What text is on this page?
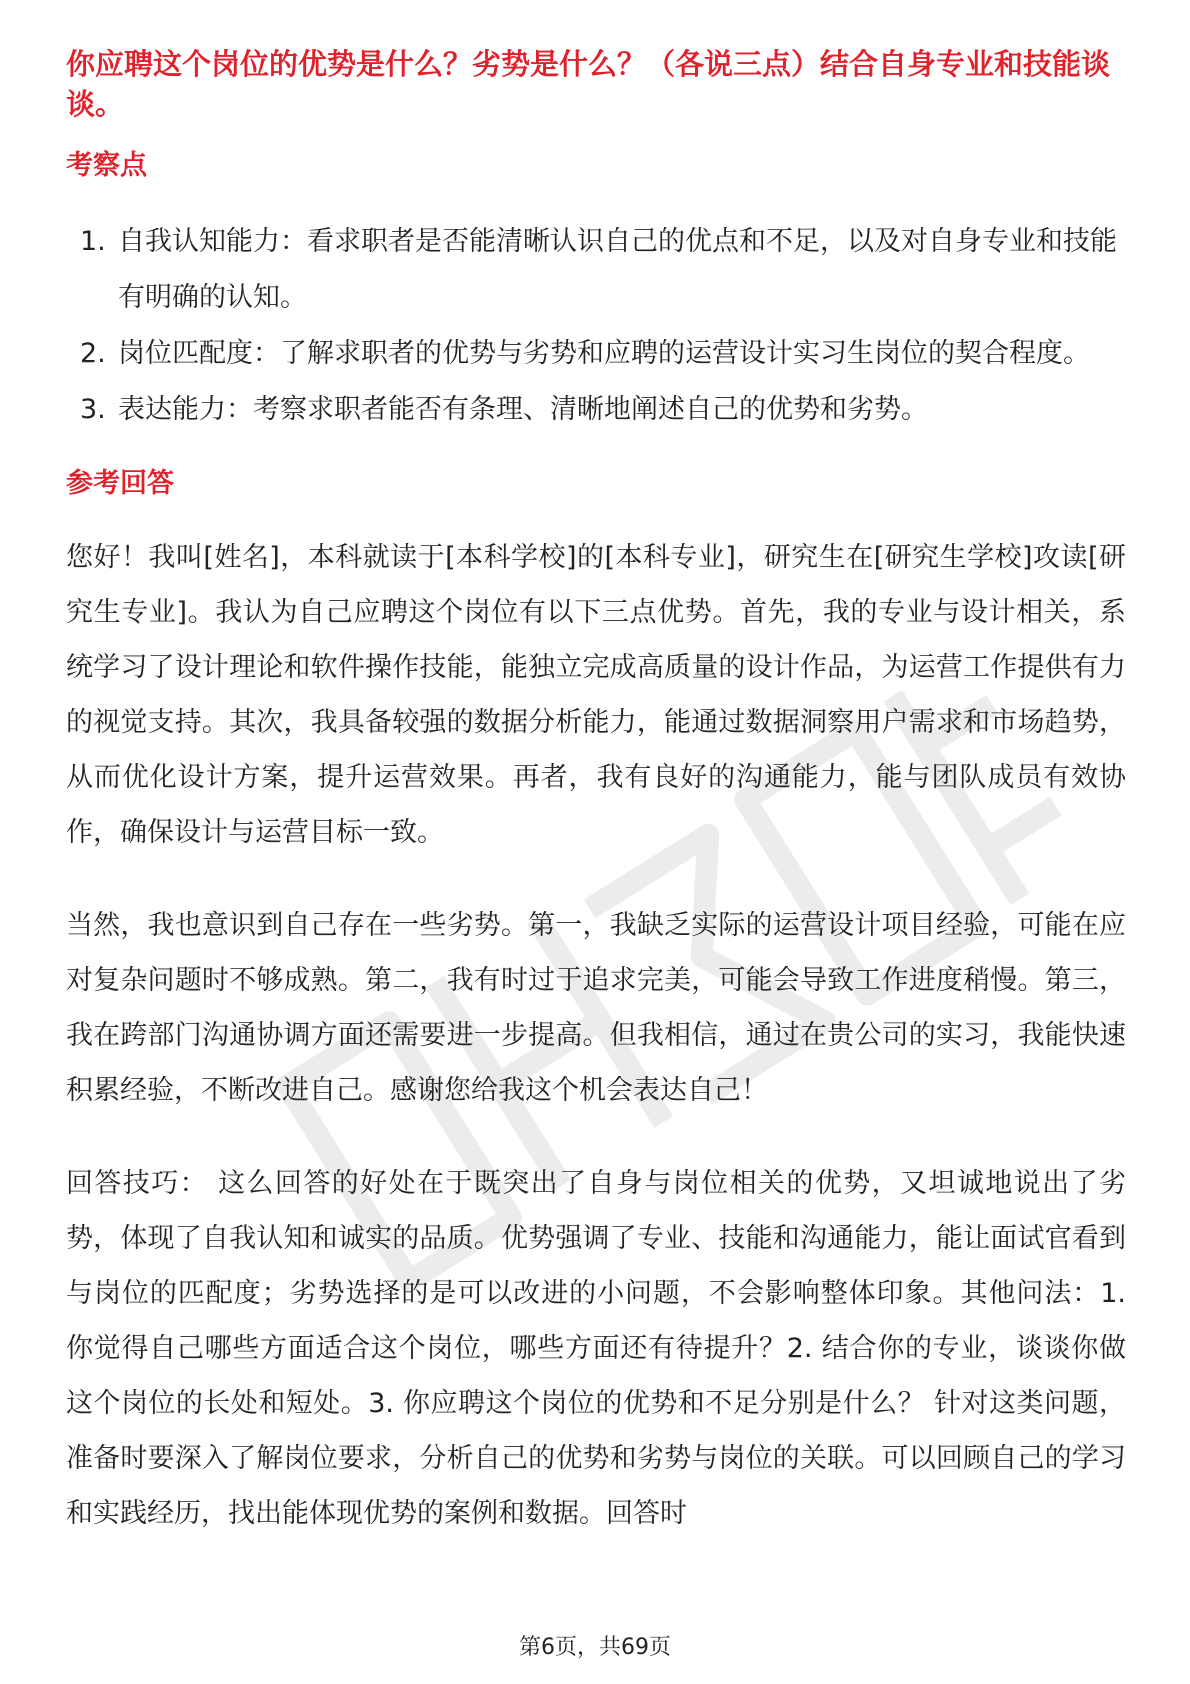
你应聘这个岗位的优势是什么？劣势是什么？（各说三点）结合自身专业和技能谈谈。
考察点
1. 自我认知能力：看求职者是否能清晰认识自己的优点和不足，以及对自身专业和技能有明确的认知。
2. 岗位匹配度：了解求职者的优势与劣势和应聘的运营设计实习生岗位的契合程度。
3. 表达能力：考察求职者能否有条理、清晰地阐述自己的优势和劣势。
参考回答

您好！我叫[姓名]，本科就读于[本科学校]的[本科专业]，研究生在[研究生学校]攻读[研究生专业]。我认为自己应聘这个岗位有以下三点优势。首先，我的专业与设计相关，系统学习了设计理论和软件操作技能，能独立完成高质量的设计作品，为运营工作提供有力的视觉支持。其次，我具备较强的数据分析能力，能通过数据洞察用户需求和市场趋势，从而优化设计方案，提升运营效果。再者，我有良好的沟通能力，能与团队成员有效协作，确保设计与运营目标一致。

当然，我也意识到自己存在一些劣势。第一，我缺乏实际的运营设计项目经验，可能在应对复杂问题时不够成熟。第二，我有时过于追求完美，可能会导致工作进度稍慢。第三，我在跨部门沟通协调方面还需要进一步提高。但我相信，通过在贵公司的实习，我能快速积累经验，不断改进自己。感谢您给我这个机会表达自己！

回答技巧： 这么回答的好处在于既突出了自身与岗位相关的优势，又坦诚地说出了劣势，体现了自我认知和诚实的品质。优势强调了专业、技能和沟通能力，能让面试官看到与岗位的匹配度；劣势选择的是可以改进的小问题，不会影响整体印象。其他问法：1. 你觉得自己哪些方面适合这个岗位，哪些方面还有待提升？2. 结合你的专业，谈谈你做这个岗位的长处和短处。3. 你应聘这个岗位的优势和不足分别是什么？ 针对这类问题，准备时要深入了解岗位要求，分析自己的优势和劣势与岗位的关联。可以回顾自己的学习和实践经历，找出能体现优势的案例和数据。回答时

第6页，共69页
